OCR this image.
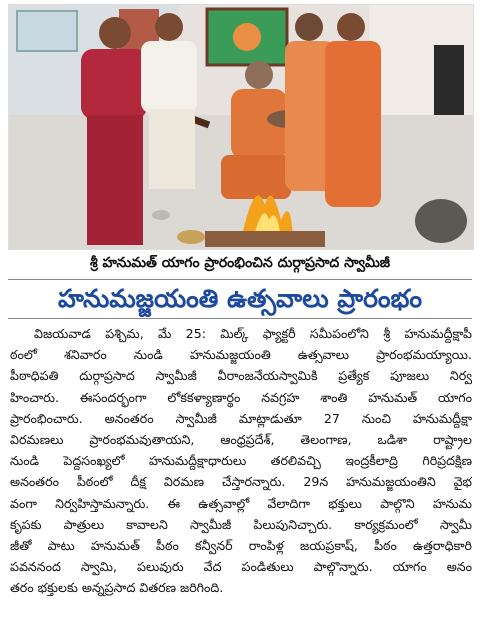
శ్రీ హనుమత్ యాగం ప్రారంభించిన దుర్గాప్రసాద స్వామీజీ
హనుమజ్జయంతి ఉత్సవాలు ప్రారంభం
విజయవాడ పశ్చిమ, మే 25: మిల్క్ ఫ్యాక్టరీ సమీపంలోని శ్రీ హనుమద్దీక్షాపీ
ఠంలో శనివారం నుండి హనుమజ్జయంతి ఉత్సవాలు ప్రారంభమయ్యాయి.
పీఠాధిపతి దుర్గాప్రసాద స్వామీజీ వీరాంజనేయస్వామికి ప్రత్యేక పూజలు నిర్వ
హించారు. ఈసందర్భంగా లోకకళ్యాణార్థం నవగ్రహ శాంతి హనుమత్ యాగం
ప్రారంభించారు. అనంతరం స్వామీజీ మాట్లాడుతూ 27 నుంచి హనుమద్దీక్షా
విరమణలు ప్రారంభమవుతాయని, ఆంధ్రప్రదేశ్, తెలంగాణ, ఒడిశా రాష్ట్రాల
నుండి పెద్దసంఖ్యలో హనుమద్దీక్షాధారులు తరలివచ్చి ఇంద్రకీలాద్రి గిరిప్రదక్షిణ
అనంతరం పీఠంలో దీక్ష విరమణ చేస్తారన్నారు. 29న హనుమజ్జయంతిని వైభ
వంగా నిర్వహిస్తామన్నారు. ఈ ఉత్సవాల్లో వేలాదిగా భక్తులు పాల్గొని హనుమ
కృపకు పాత్రులు కావాలని స్వామీజీ పిలుపునిచ్చారు. కార్యక్రమంలో స్వామీ
జీతో పాటు హనుమత్ పీఠం కన్వీనర్ రాంపిళ్ల జయప్రకాష్, పీఠం ఉత్తరాధికారి
పవననంద స్వామి, పలువురు వేద పండితులు పాల్గొన్నారు. యాగం అనం
తరం భక్తులకు అన్నప్రసాద వితరణ జరిగింది.
